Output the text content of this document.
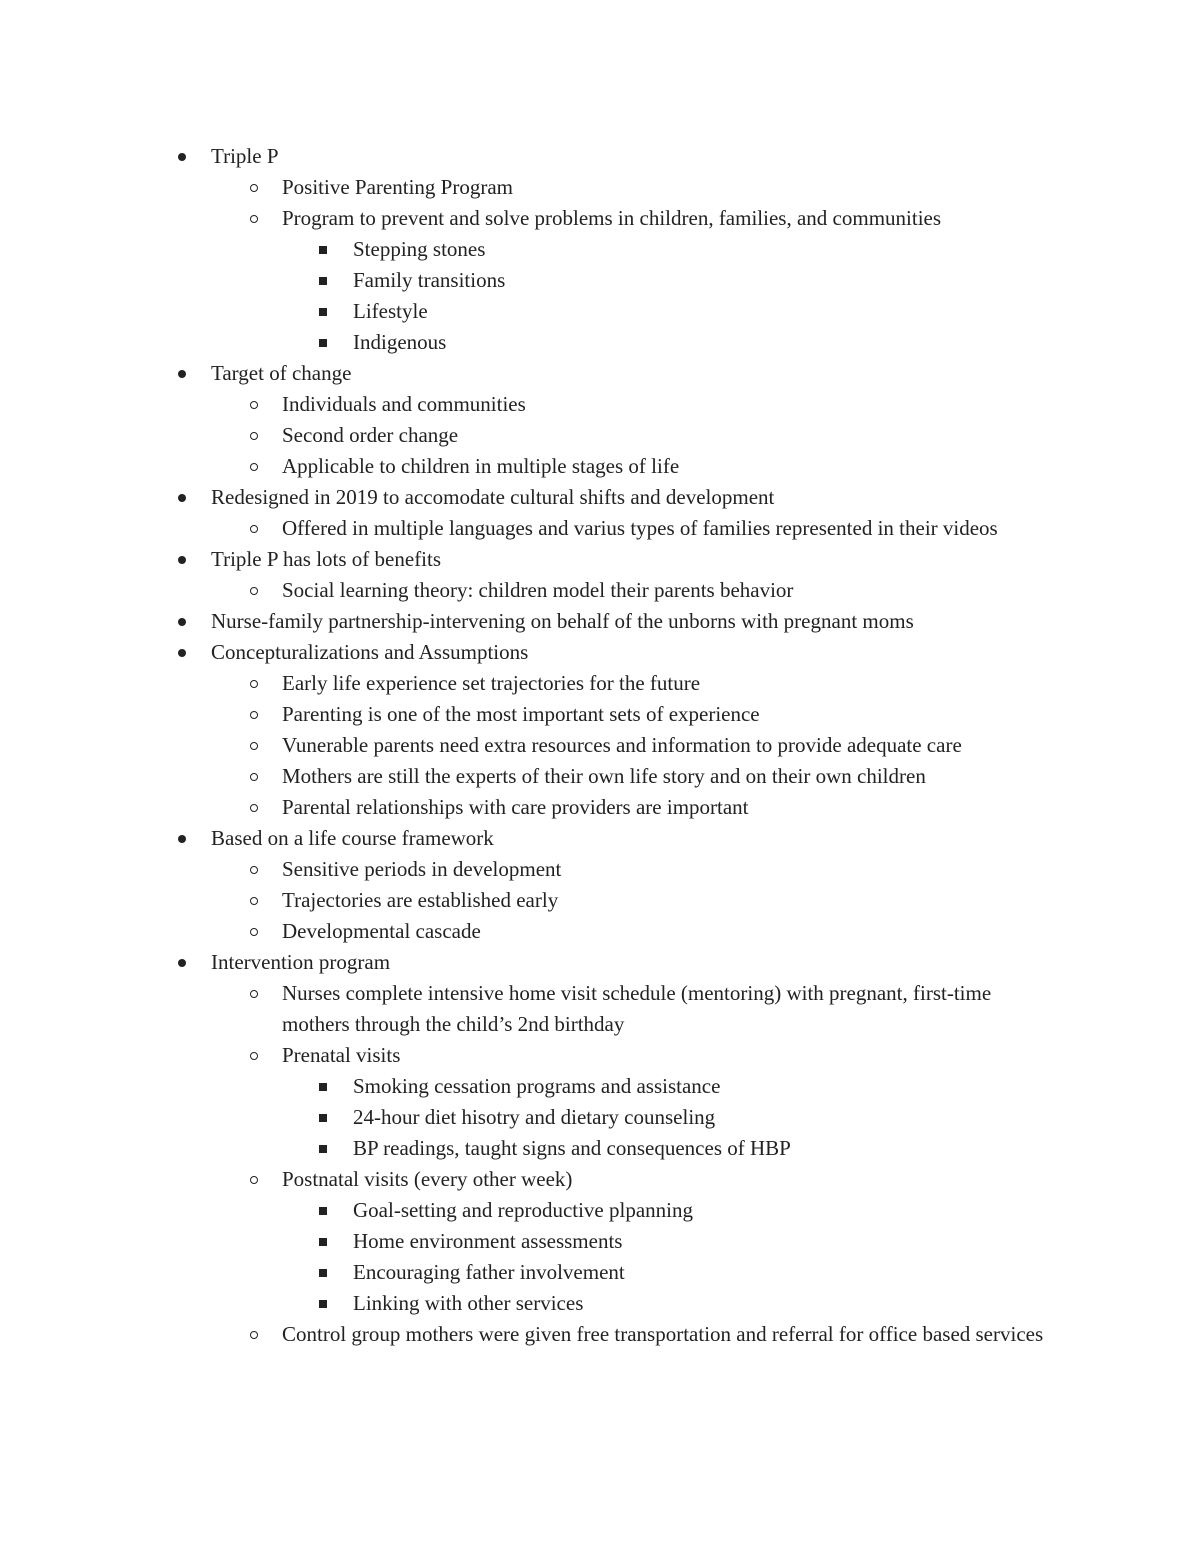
Triple P
Positive Parenting Program
Program to prevent and solve problems in children, families, and communities
Stepping stones
Family transitions
Lifestyle
Indigenous
Target of change
Individuals and communities
Second order change
Applicable to children in multiple stages of life
Redesigned in 2019 to accomodate cultural shifts and development
Offered in multiple languages and varius types of families represented in their videos
Triple P has lots of benefits
Social learning theory: children model their parents behavior
Nurse-family partnership-intervening on behalf of the unborns with pregnant moms
Concepturalizations and Assumptions
Early life experience set trajectories for the future
Parenting is one of the most important sets of experience
Vunerable parents need extra resources and information to provide adequate care
Mothers are still the experts of their own life story and on their own children
Parental relationships with care providers are important
Based on a life course framework
Sensitive periods in development
Trajectories are established early
Developmental cascade
Intervention program
Nurses complete intensive home visit schedule (mentoring) with pregnant, first-time mothers through the child’s 2nd birthday
Prenatal visits
Smoking cessation programs and assistance
24-hour diet hisotry and dietary counseling
BP readings, taught signs and consequences of HBP
Postnatal visits (every other week)
Goal-setting and reproductive plpanning
Home environment assessments
Encouraging father involvement
Linking with other services
Control group mothers were given free transportation and referral for office based services
